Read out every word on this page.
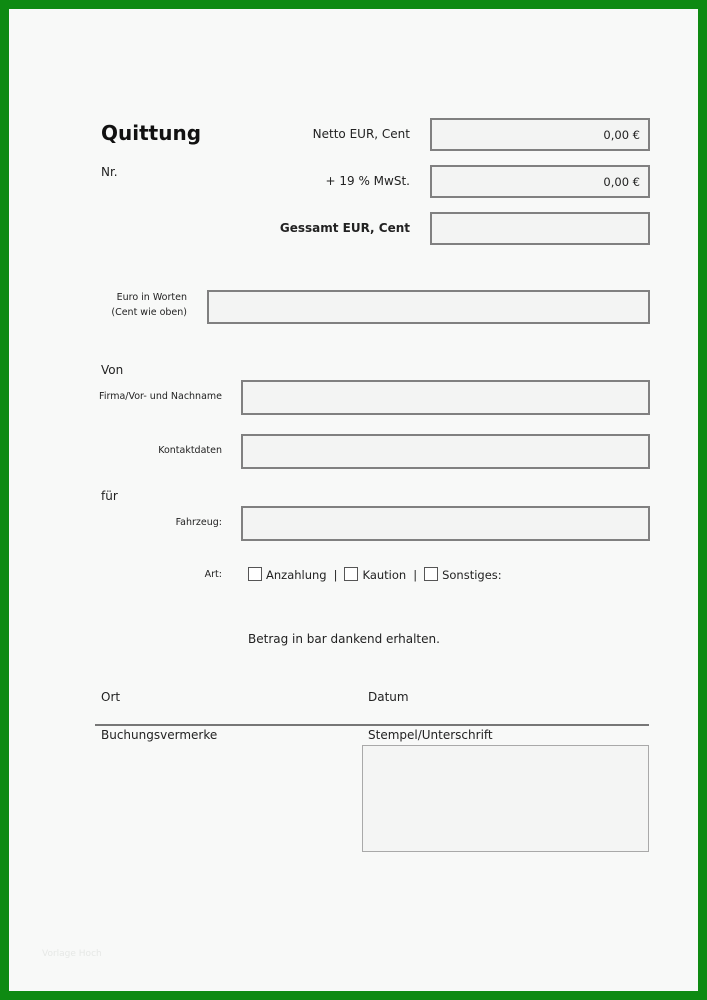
Quittung
Nr.
Netto EUR, Cent	0,00 €
+ 19 % MwSt.	0,00 €
Gessamt EUR, Cent
Euro in Worten
(Cent wie oben)
Von
Firma/Vor- und Nachname
Kontaktdaten
für
Fahrzeug:
Art:	Anzahlung | Kaution | Sonstiges:
Betrag in bar dankend erhalten.
Ort	Datum
Buchungsvermerke	Stempel/Unterschrift
Vorlage Hoch
